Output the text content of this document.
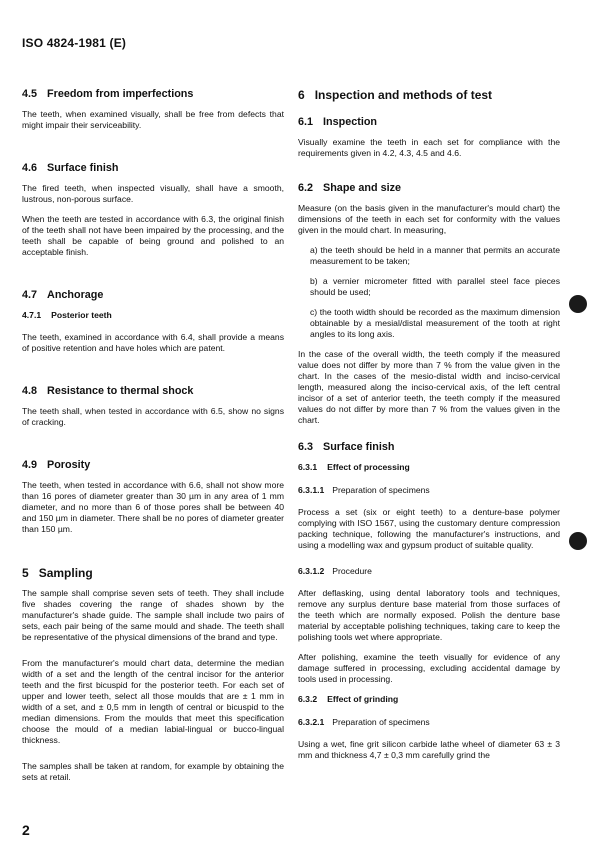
ISO 4824-1981 (E)
4.5 Freedom from imperfections

The teeth, when examined visually, shall be free from defects that might impair their serviceability.

4.6 Surface finish

The fired teeth, when inspected visually, shall have a smooth, lustrous, non-porous surface.

When the teeth are tested in accordance with 6.3, the original finish of the teeth shall not have been impaired by the processing, and the teeth shall be capable of being ground and polished to an acceptable finish.

4.7 Anchorage
4.7.1 Posterior teeth

The teeth, examined in accordance with 6.4, shall provide a means of positive retention and have holes which are patent.

4.8 Resistance to thermal shock

The teeth shall, when tested in accordance with 6.5, show no signs of cracking.

4.9 Porosity

The teeth, when tested in accordance with 6.6, shall not show more than 16 pores of diameter greater than 30 µm in any area of 1 mm diameter, and no more than 6 of those pores shall be between 40 and 150 µm in diameter. There shall be no pores of diameter greater than 150 µm.

5 Sampling

The sample shall comprise seven sets of teeth. They shall include five shades covering the range of shades shown by the manufacturer's shade guide. The sample shall include two pairs of sets, each pair being of the same mould and shade. The teeth shall be representative of the physical dimensions of the brand and type.

From the manufacturer's mould chart data, determine the median width of a set and the length of the central incisor for the anterior teeth and the first bicuspid for the posterior teeth. For each set of upper and lower teeth, select all those moulds that are ± 1 mm in width of a set, and ± 0,5 mm in length of central or bicuspid to the median dimensions. From the moulds that meet this specification choose the mould of a median labial-lingual or bucco-lingual thickness.

The samples shall be taken at random, for example by obtaining the sets at retail.

6 Inspection and methods of test
6.1 Inspection

Visually examine the teeth in each set for compliance with the requirements given in 4.2, 4.3, 4.5 and 4.6.

6.2 Shape and size

Measure (on the basis given in the manufacturer's mould chart) the dimensions of the teeth in each set for conformity with the values given in the mould chart. In measuring,

a) the teeth should be held in a manner that permits an accurate measurement to be taken;

b) a vernier micrometer fitted with parallel steel face pieces should be used;

c) the tooth width should be recorded as the maximum dimension obtainable by a mesial/distal measurement of the tooth at right angles to its long axis.

In the case of the overall width, the teeth comply if the measured value does not differ by more than 7 % from the value given in the chart. In the cases of the mesio-distal width and inciso-cervical length, measured along the inciso-cervical axis, of the left central incisor of a set of anterior teeth, the teeth comply if the measured values do not differ by more than 7 % from the values given in the chart.

6.3 Surface finish
6.3.1 Effect of processing
6.3.1.1 Preparation of specimens

Process a set (six or eight teeth) to a denture-base polymer complying with ISO 1567, using the customary denture compression packing technique, following the manufacturer's instructions, and using a modelling wax and gypsum product of suitable quality.

6.3.1.2 Procedure

After deflasking, using dental laboratory tools and techniques, remove any surplus denture base material from those surfaces of the teeth which are normally exposed. Polish the denture base material by acceptable polishing techniques, taking care to keep the polishing tools wet where appropriate.

After polishing, examine the teeth visually for evidence of any damage suffered in processing, excluding accidental damage by tools used in processing.

6.3.2 Effect of grinding
6.3.2.1 Preparation of specimens

Using a wet, fine grit silicon carbide lathe wheel of diameter 63 ± 3 mm and thickness 4,7 ± 0,3 mm carefully grind the

2
